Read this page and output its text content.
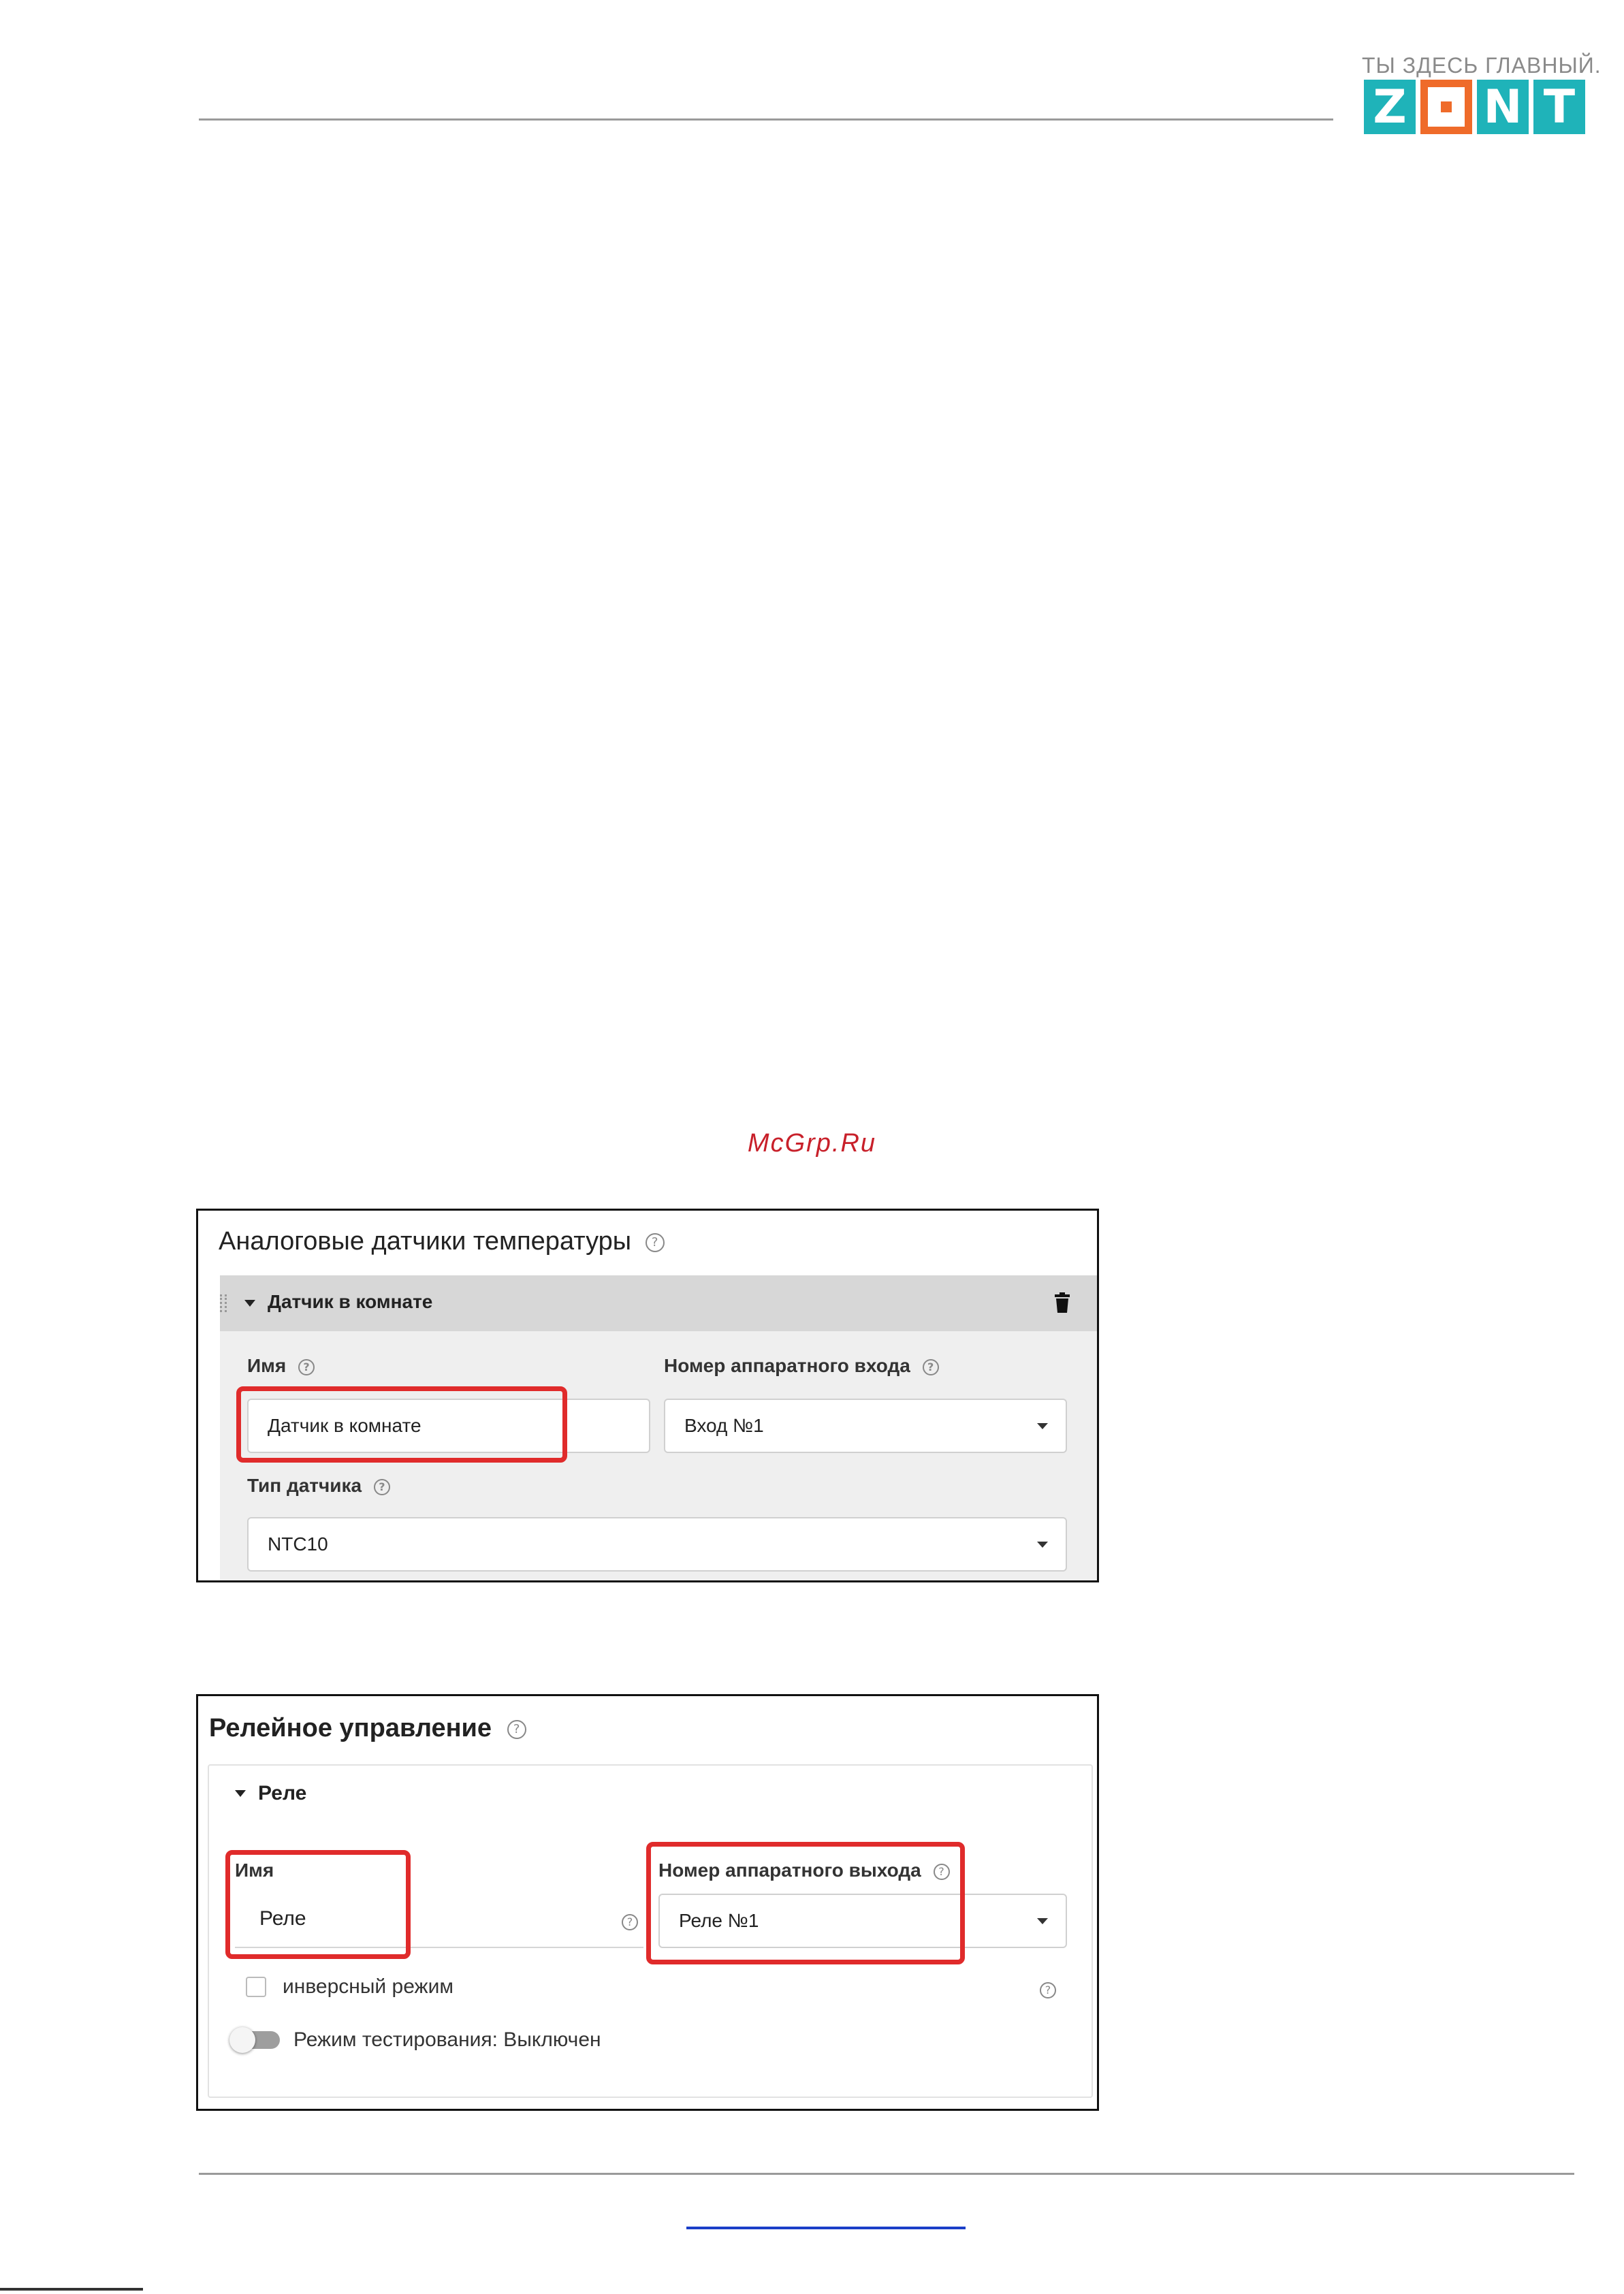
ТЫ ЗДЕСЬ ГЛАВНЫЙ.
Z N T
McGrp.Ru
Аналоговые датчики температуры ?
Датчик в комнате
Имя ?
Датчик в комнате
Номер аппаратного входа ?
Вход №1
Тип датчика ?
NTC10
Релейное управление ?
Реле
Имя
Реле	?
Номер аппаратного выхода ?
Реле №1
инверсный режим	?
Режим тестирования: Выключен
